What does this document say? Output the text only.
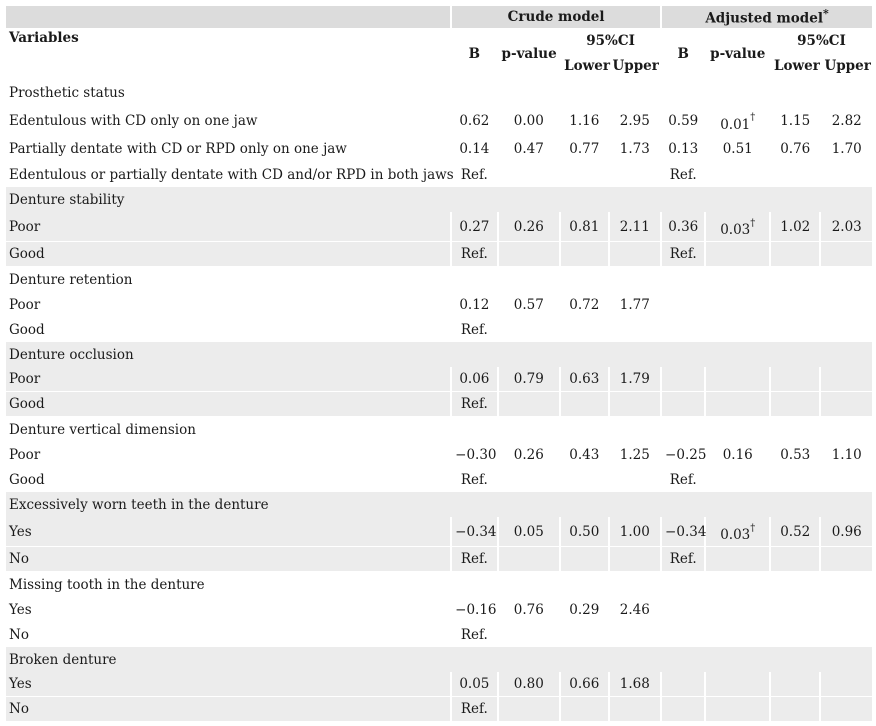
	Crude model				Adjusted model*
Variables	B	p-value	95%CI		B	p-value	95%CI	
			Lower	Upper			Lower	Upper
Prosthetic status								
Edentulous with CD only on one jaw	0.62	0.00	1.16	2.95	0.59	0.01†	1.15	2.82
Partially dentate with CD or RPD only on one jaw	0.14	0.47	0.77	1.73	0.13	0.51	0.76	1.70
Edentulous or partially dentate with CD and/or RPD in both jaws	Ref.				Ref.			
Denture stability								
Poor	0.27	0.26	0.81	2.11	0.36	0.03†	1.02	2.03
Good	Ref.				Ref.			
Denture retention								
Poor	0.12	0.57	0.72	1.77				
Good	Ref.							
Denture occlusion								
Poor	0.06	0.79	0.63	1.79				
Good	Ref.							
Denture vertical dimension								
Poor	−0.30	0.26	0.43	1.25	−0.25	0.16	0.53	1.10
Good	Ref.				Ref.			
Excessively worn teeth in the denture								
Yes	−0.34	0.05	0.50	1.00	−0.34	0.03†	0.52	0.96
No	Ref.				Ref.			
Missing tooth in the denture								
Yes	−0.16	0.76	0.29	2.46				
No	Ref.							
Broken denture								
Yes	0.05	0.80	0.66	1.68				
No	Ref.							
